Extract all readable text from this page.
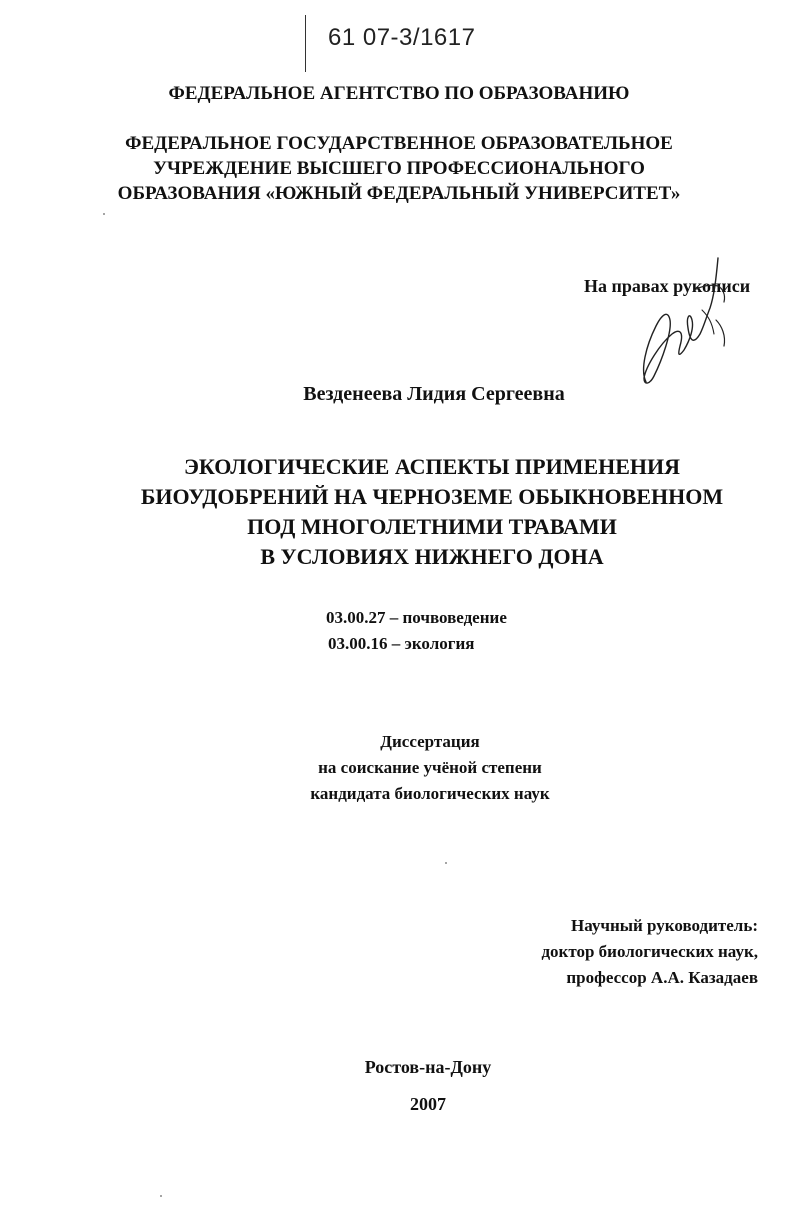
61 07-3/1617
ФЕДЕРАЛЬНОЕ АГЕНТСТВО ПО ОБРАЗОВАНИЮ
ФЕДЕРАЛЬНОЕ ГОСУДАРСТВЕННОЕ ОБРАЗОВАТЕЛЬНОЕ
УЧРЕЖДЕНИЕ ВЫСШЕГО ПРОФЕССИОНАЛЬНОГО
ОБРАЗОВАНИЯ «ЮЖНЫЙ ФЕДЕРАЛЬНЫЙ УНИВЕРСИТЕТ»
На правах рукописи
Везденеева Лидия Сергеевна
ЭКОЛОГИЧЕСКИЕ АСПЕКТЫ ПРИМЕНЕНИЯ
БИОУДОБРЕНИЙ НА ЧЕРНОЗЕМЕ ОБЫКНОВЕННОМ
ПОД МНОГОЛЕТНИМИ ТРАВАМИ
В УСЛОВИЯХ НИЖНЕГО ДОНА
03.00.27 – почвоведение
03.00.16 – экология
Диссертация
на соискание учёной степени
кандидата биологических наук
Научный руководитель:
доктор биологических наук,
профессор А.А. Казадаев
Ростов-на-Дону
2007
